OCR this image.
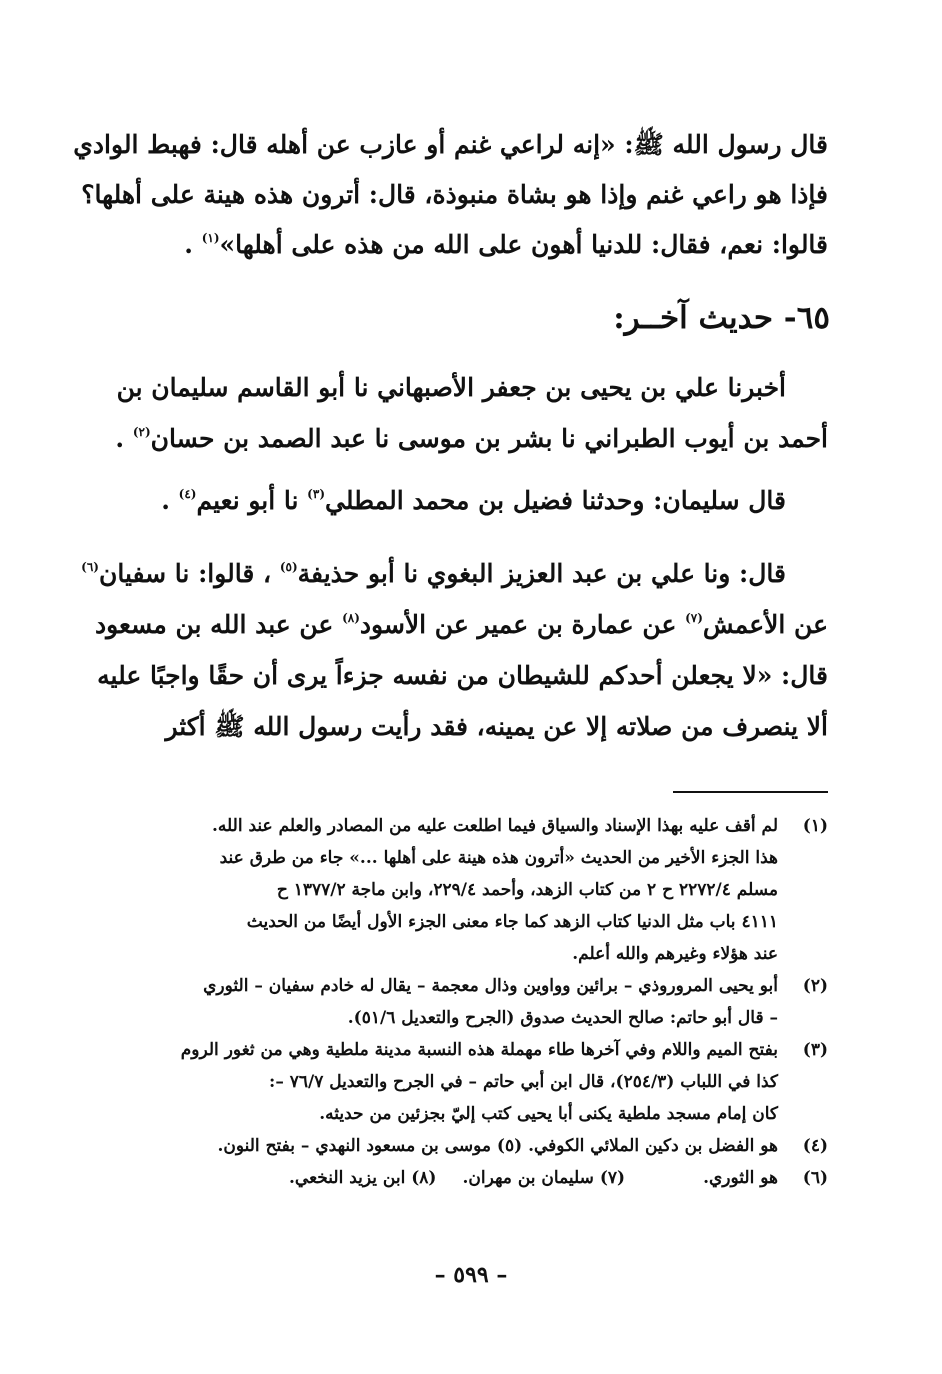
قال رسول الله ﷺ: «إنه لراعي غنم أو عازب عن أهله قال: فهبط الوادي
فإذا هو راعي غنم وإذا هو بشاة منبوذة، قال: أترون هذه هينة على أهلها؟
قالوا: نعم، فقال: للدنيا أهون على الله من هذه على أهلها»$^{(١)}$ .
٦٥- حديث آخــر:
أخبرنا علي بن يحيى بن جعفر الأصبهاني نا أبو القاسم سليمان بن
أحمد بن أيوب الطبراني نا بشر بن موسى نا عبد الصمد بن حسان$^{(٢)}$ .
قال سليمان: وحدثنا فضيل بن محمد المطلي$^{(٣)}$ نا أبو نعيم$^{(٤)}$ .
قال: ونا علي بن عبد العزيز البغوي نا أبو حذيفة$^{(٥)}$ ، قالوا: نا سفيان$^{(٦)}$
عن الأعمش$^{(٧)}$ عن عمارة بن عمير عن الأسود$^{(٨)}$ عن عبد الله بن مسعود
قال: «لا يجعلن أحدكم للشيطان من نفسه جزءاً يرى أن حقًا واجبًا عليه
ألا ينصرف من صلاته إلا عن يمينه، فقد رأيت رسول الله ﷺ أكثر
(١)
لم أقف عليه بهذا الإسناد والسياق فيما اطلعت عليه من المصادر والعلم عند الله.
هذا الجزء الأخير من الحديث «أترون هذه هينة على أهلها ...» جاء من طرق عند
مسلم ٢٢٧٢/٤ ح ٢ من كتاب الزهد، وأحمد ٢٢٩/٤، وابن ماجة ١٣٧٧/٢ ح
٤١١١ باب مثل الدنيا كتاب الزهد كما جاء معنى الجزء الأول أيضًا من الحديث
عند هؤلاء وغيرهم والله أعلم.
(٢)
أبو يحيى المروروذي – برائين وواوين وذال معجمة – يقال له خادم سفيان – الثوري
– قال أبو حاتم: صالح الحديث صدوق (الجرح والتعديل ٥١/٦).
(٣)
بفتح الميم واللام وفي آخرها طاء مهملة هذه النسبة مدينة ملطية وهي من ثغور الروم
كذا في اللباب (٢٥٤/٣)، قال ابن أبي حاتم – في الجرح والتعديل ٧٦/٧ –:
كان إمام مسجد ملطية يكنى أبا يحيى كتب إليّ بجزئين من حديثه.
(٤)
هو الفضل بن دكين الملائي الكوفي. (٥) موسى بن مسعود النهدي – بفتح النون.
(٦)
هو الثوري.(٧) سليمان بن مهران.(٨) ابن يزيد النخعي.
– ٥٩٩ –
